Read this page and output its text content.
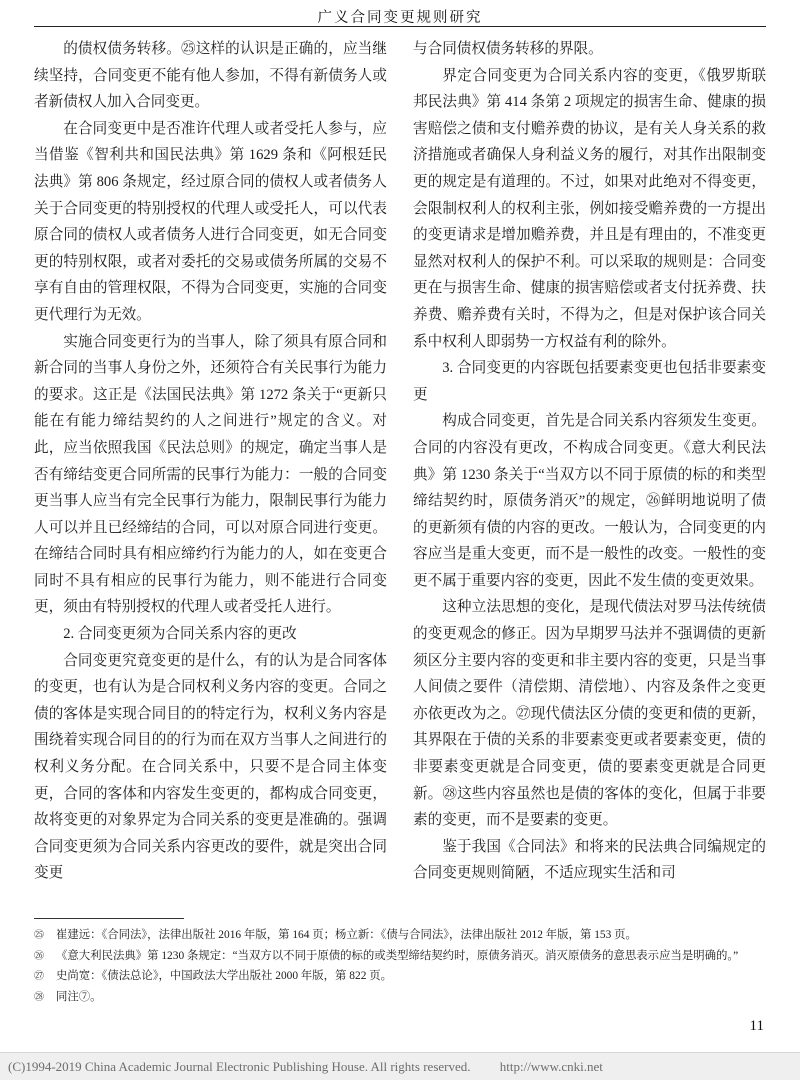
广义合同变更规则研究

的债权债务转移。㉕这样的认识是正确的，应当继续坚持，合同变更不能有他人参加，不得有新债务人或者新债权人加入合同变更。

在合同变更中是否准许代理人或者受托人参与，应当借鉴《智利共和国民法典》第 1629 条和《阿根廷民法典》第 806 条规定，经过原合同的债权人或者债务人关于合同变更的特别授权的代理人或受托人，可以代表原合同的债权人或者债务人进行合同变更，如无合同变更的特别权限，或者对委托的交易或债务所属的交易不享有自由的管理权限，不得为合同变更，实施的合同变更代理行为无效。

实施合同变更行为的当事人，除了须具有原合同和新合同的当事人身份之外，还须符合有关民事行为能力的要求。这正是《法国民法典》第 1272 条关于“更新只能在有能力缔结契约的人之间进行”规定的含义。对此，应当依照我国《民法总则》的规定，确定当事人是否有缔结变更合同所需的民事行为能力：一般的合同变更当事人应当有完全民事行为能力，限制民事行为能力人可以并且已经缔结的合同，可以对原合同进行变更。在缔结合同时具有相应缔约行为能力的人，如在变更合同时不具有相应的民事行为能力，则不能进行合同变更，须由有特别授权的代理人或者受托人进行。

2. 合同变更须为合同关系内容的更改

合同变更究竟变更的是什么，有的认为是合同客体的变更，也有认为是合同权利义务内容的变更。合同之债的客体是实现合同目的的特定行为，权利义务内容是围绕着实现合同目的的行为而在双方当事人之间进行的权利义务分配。在合同关系中，只要不是合同主体变更，合同的客体和内容发生变更的，都构成合同变更，故将变更的对象界定为合同关系的变更是准确的。强调合同变更须为合同关系内容更改的要件，就是突出合同变更

与合同债权债务转移的界限。

界定合同变更为合同关系内容的变更，《俄罗斯联邦民法典》第 414 条第 2 项规定的损害生命、健康的损害赔偿之债和支付赡养费的协议，是有关人身关系的救济措施或者确保人身利益义务的履行，对其作出限制变更的规定是有道理的。不过，如果对此绝对不得变更，会限制权利人的权利主张，例如接受赡养费的一方提出的变更请求是增加赡养费，并且是有理由的，不准变更显然对权利人的保护不利。可以采取的规则是：合同变更在与损害生命、健康的损害赔偿或者支付抚养费、扶养费、赡养费有关时，不得为之，但是对保护该合同关系中权利人即弱势一方权益有利的除外。

3. 合同变更的内容既包括要素变更也包括非要素变更

构成合同变更，首先是合同关系内容须发生变更。合同的内容没有更改，不构成合同变更。《意大利民法典》第 1230 条关于“当双方以不同于原债的标的和类型缔结契约时，原债务消灭”的规定，㉖鲜明地说明了债的更新须有债的内容的更改。一般认为，合同变更的内容应当是重大变更，而不是一般性的改变。一般性的变更不属于重要内容的变更，因此不发生债的变更效果。

这种立法思想的变化，是现代债法对罗马法传统债的变更观念的修正。因为早期罗马法并不强调债的更新须区分主要内容的变更和非主要内容的变更，只是当事人间债之要件（清偿期、清偿地）、内容及条件之变更亦依更改为之。㉗现代债法区分债的变更和债的更新，其界限在于债的关系的非要素变更或者要素变更，债的非要素变更就是合同变更，债的要素变更就是合同更新。㉘这些内容虽然也是债的客体的变化，但属于非要素的变更，而不是要素的变更。

鉴于我国《合同法》和将来的民法典合同编规定的合同变更规则简陋，不适应现实生活和司

㉕	崔建远：《合同法》，法律出版社 2016 年版，第 164 页；杨立新：《债与合同法》，法律出版社 2012 年版，第 153 页。
㉖	《意大利民法典》第 1230 条规定：“当双方以不同于原债的标的或类型缔结契约时，原债务消灭。消灭原债务的意思表示应当是明确的。”
㉗	史尚宽：《债法总论》，中国政法大学出版社 2000 年版，第 822 页。
㉘	同注⑦。
11
(C)1994-2019 China Academic Journal Electronic Publishing House. All rights reserved. http://www.cnki.net
